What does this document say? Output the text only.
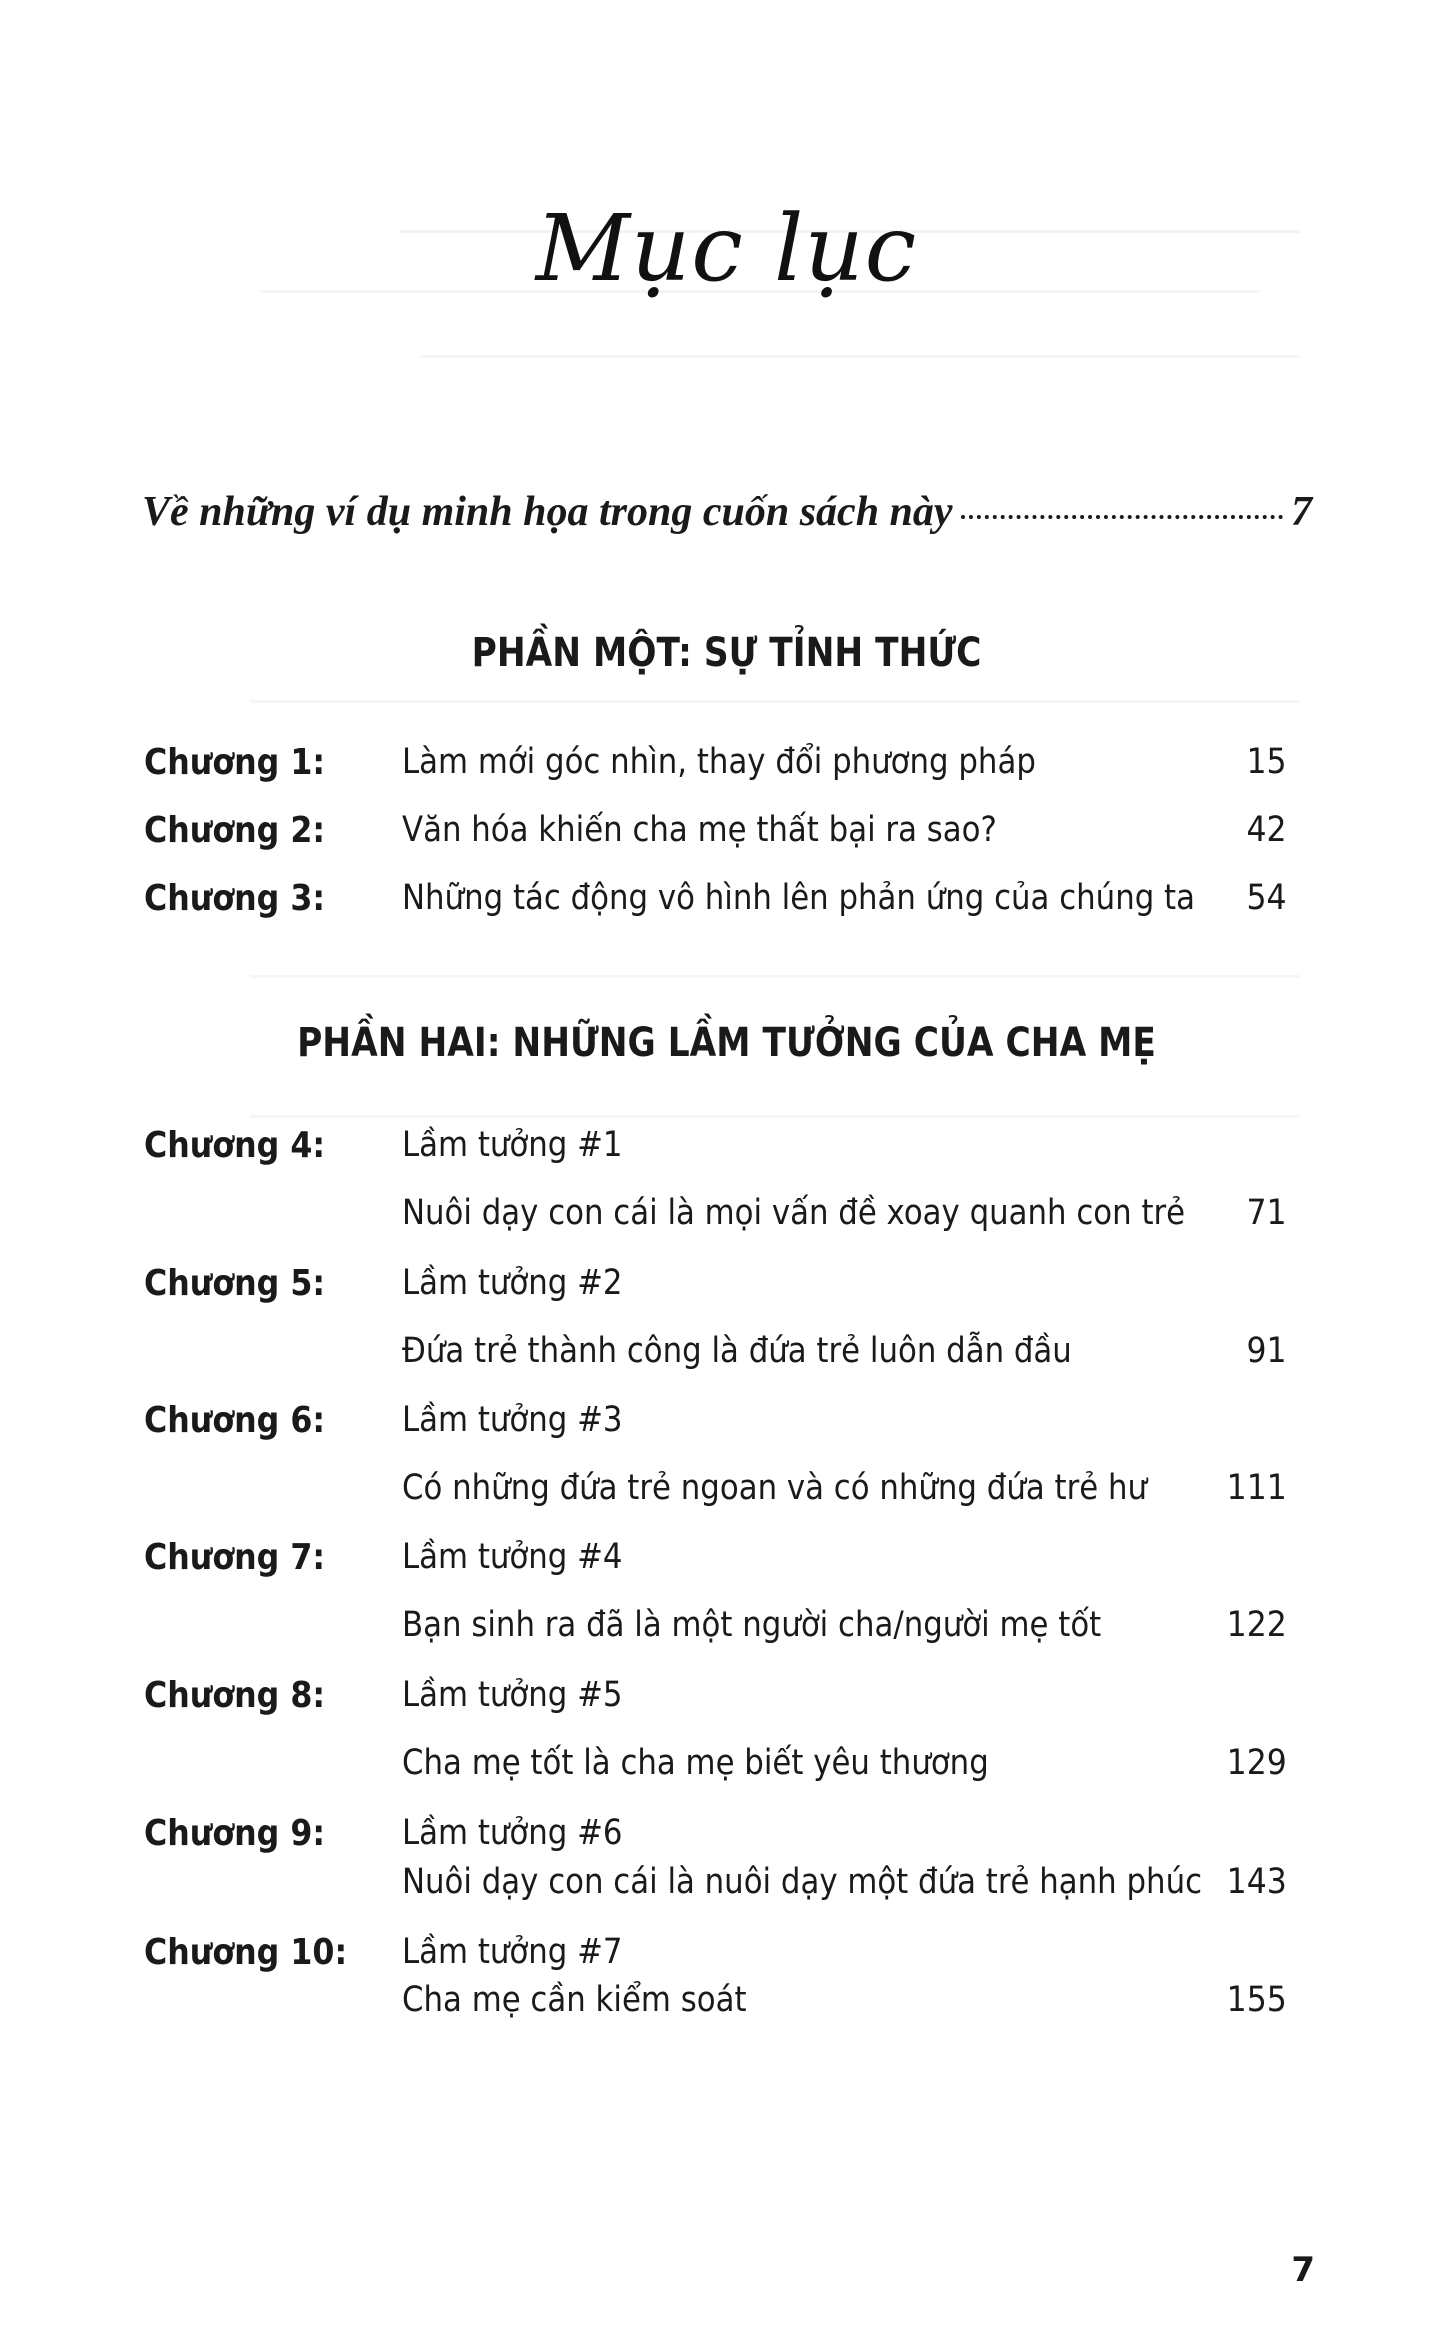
Mục lục
Về những ví dụ minh họa trong cuốn sách này	7
PHẦN MỘT: SỰ TỈNH THỨC
Chương 1: Làm mới góc nhìn, thay đổi phương pháp	15
Chương 2: Văn hóa khiến cha mẹ thất bại ra sao?	42
Chương 3: Những tác động vô hình lên phản ứng của chúng ta 54
PHẦN HAI: NHỮNG LẦM TƯỞNG CỦA CHA MẸ
Chương 4: Lầm tưởng #1
Nuôi dạy con cái là mọi vấn đề xoay quanh con trẻ 71
Chương 5: Lầm tưởng #2
Đứa trẻ thành công là đứa trẻ luôn dẫn đầu	91
Chương 6: Lầm tưởng #3
Có những đứa trẻ ngoan và có những đứa trẻ hư 111
Chương 7: Lầm tưởng #4
Bạn sinh ra đã là một người cha/người mẹ tốt	122
Chương 8: Lầm tưởng #5
Cha mẹ tốt là cha mẹ biết yêu thương	129
Chương 9: Lầm tưởng #6
Nuôi dạy con cái là nuôi dạy một đứa trẻ hạnh phúc 143
Chương 10: Lầm tưởng #7
Cha mẹ cần kiểm soát	155
7
